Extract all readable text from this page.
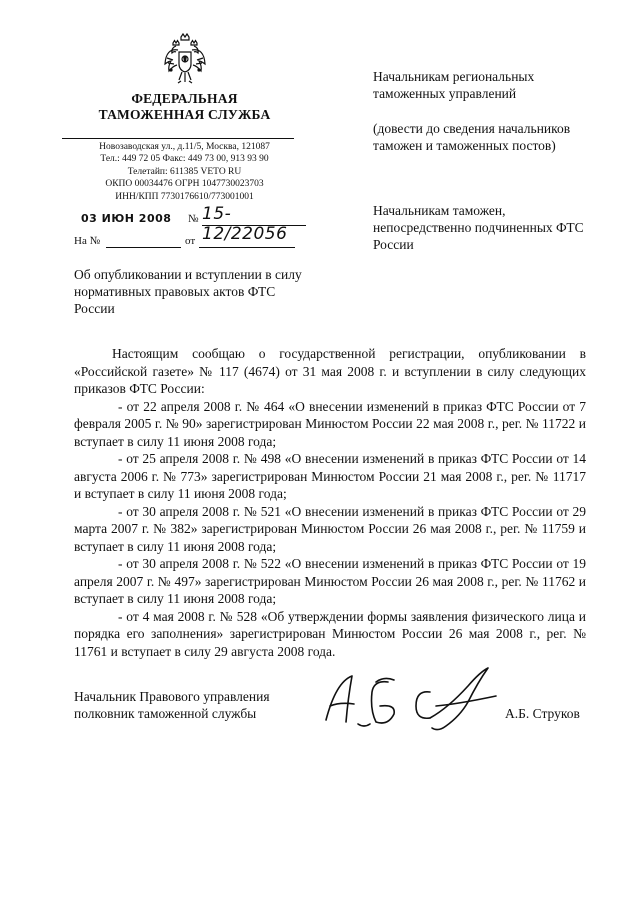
ФЕДЕРАЛЬНАЯ
ТАМОЖЕННАЯ СЛУЖБА
Новозаводская ул., д.11/5, Москва, 121087
Тел.: 449 72 05 Факс: 449 73 00, 913 93 90
Телетайп: 611385 VETO RU
ОКПО 00034476 ОГРН 1047730023703
ИНН/КПП 7730176610/773001001
03 ИЮН 2008 № 15-12/22056
На №	от
Об опубликовании и вступлении в силу нормативных правовых актов ФТС России
Начальникам региональных таможенных управлений
(довести до сведения начальников таможен и таможенных постов)
Начальникам таможен, непосредственно подчиненных ФТС России

Настоящим сообщаю о государственной регистрации, опубликовании в «Российской газете» № 117 (4674) от 31 мая 2008 г. и вступлении в силу следующих приказов ФТС России:

- от 22 апреля 2008 г. № 464 «О внесении изменений в приказ ФТС России от 7 февраля 2005 г. № 90» зарегистрирован Минюстом России 22 мая 2008 г., рег. № 11722 и вступает в силу 11 июня 2008 года;

- от 25 апреля 2008 г. № 498 «О внесении изменений в приказ ФТС России от 14 августа 2006 г. № 773» зарегистрирован Минюстом России 21 мая 2008 г., рег. № 11717 и вступает в силу 11 июня 2008 года;

- от 30 апреля 2008 г. № 521 «О внесении изменений в приказ ФТС России от 29 марта 2007 г. № 382» зарегистрирован Минюстом России 26 мая 2008 г., рег. № 11759 и вступает в силу 11 июня 2008 года;

- от 30 апреля 2008 г. № 522 «О внесении изменений в приказ ФТС России от 19 апреля 2007 г. № 497» зарегистрирован Минюстом России 26 мая 2008 г., рег. № 11762 и вступает в силу 11 июня 2008 года;

- от 4 мая 2008 г. № 528 «Об утверждении формы заявления физического лица и порядка его заполнения» зарегистрирован Минюстом России 26 мая 2008 г., рег. № 11761 и вступает в силу 29 августа 2008 года.

Начальник Правового управления
полковник таможенной службы	А.Б. Струков
